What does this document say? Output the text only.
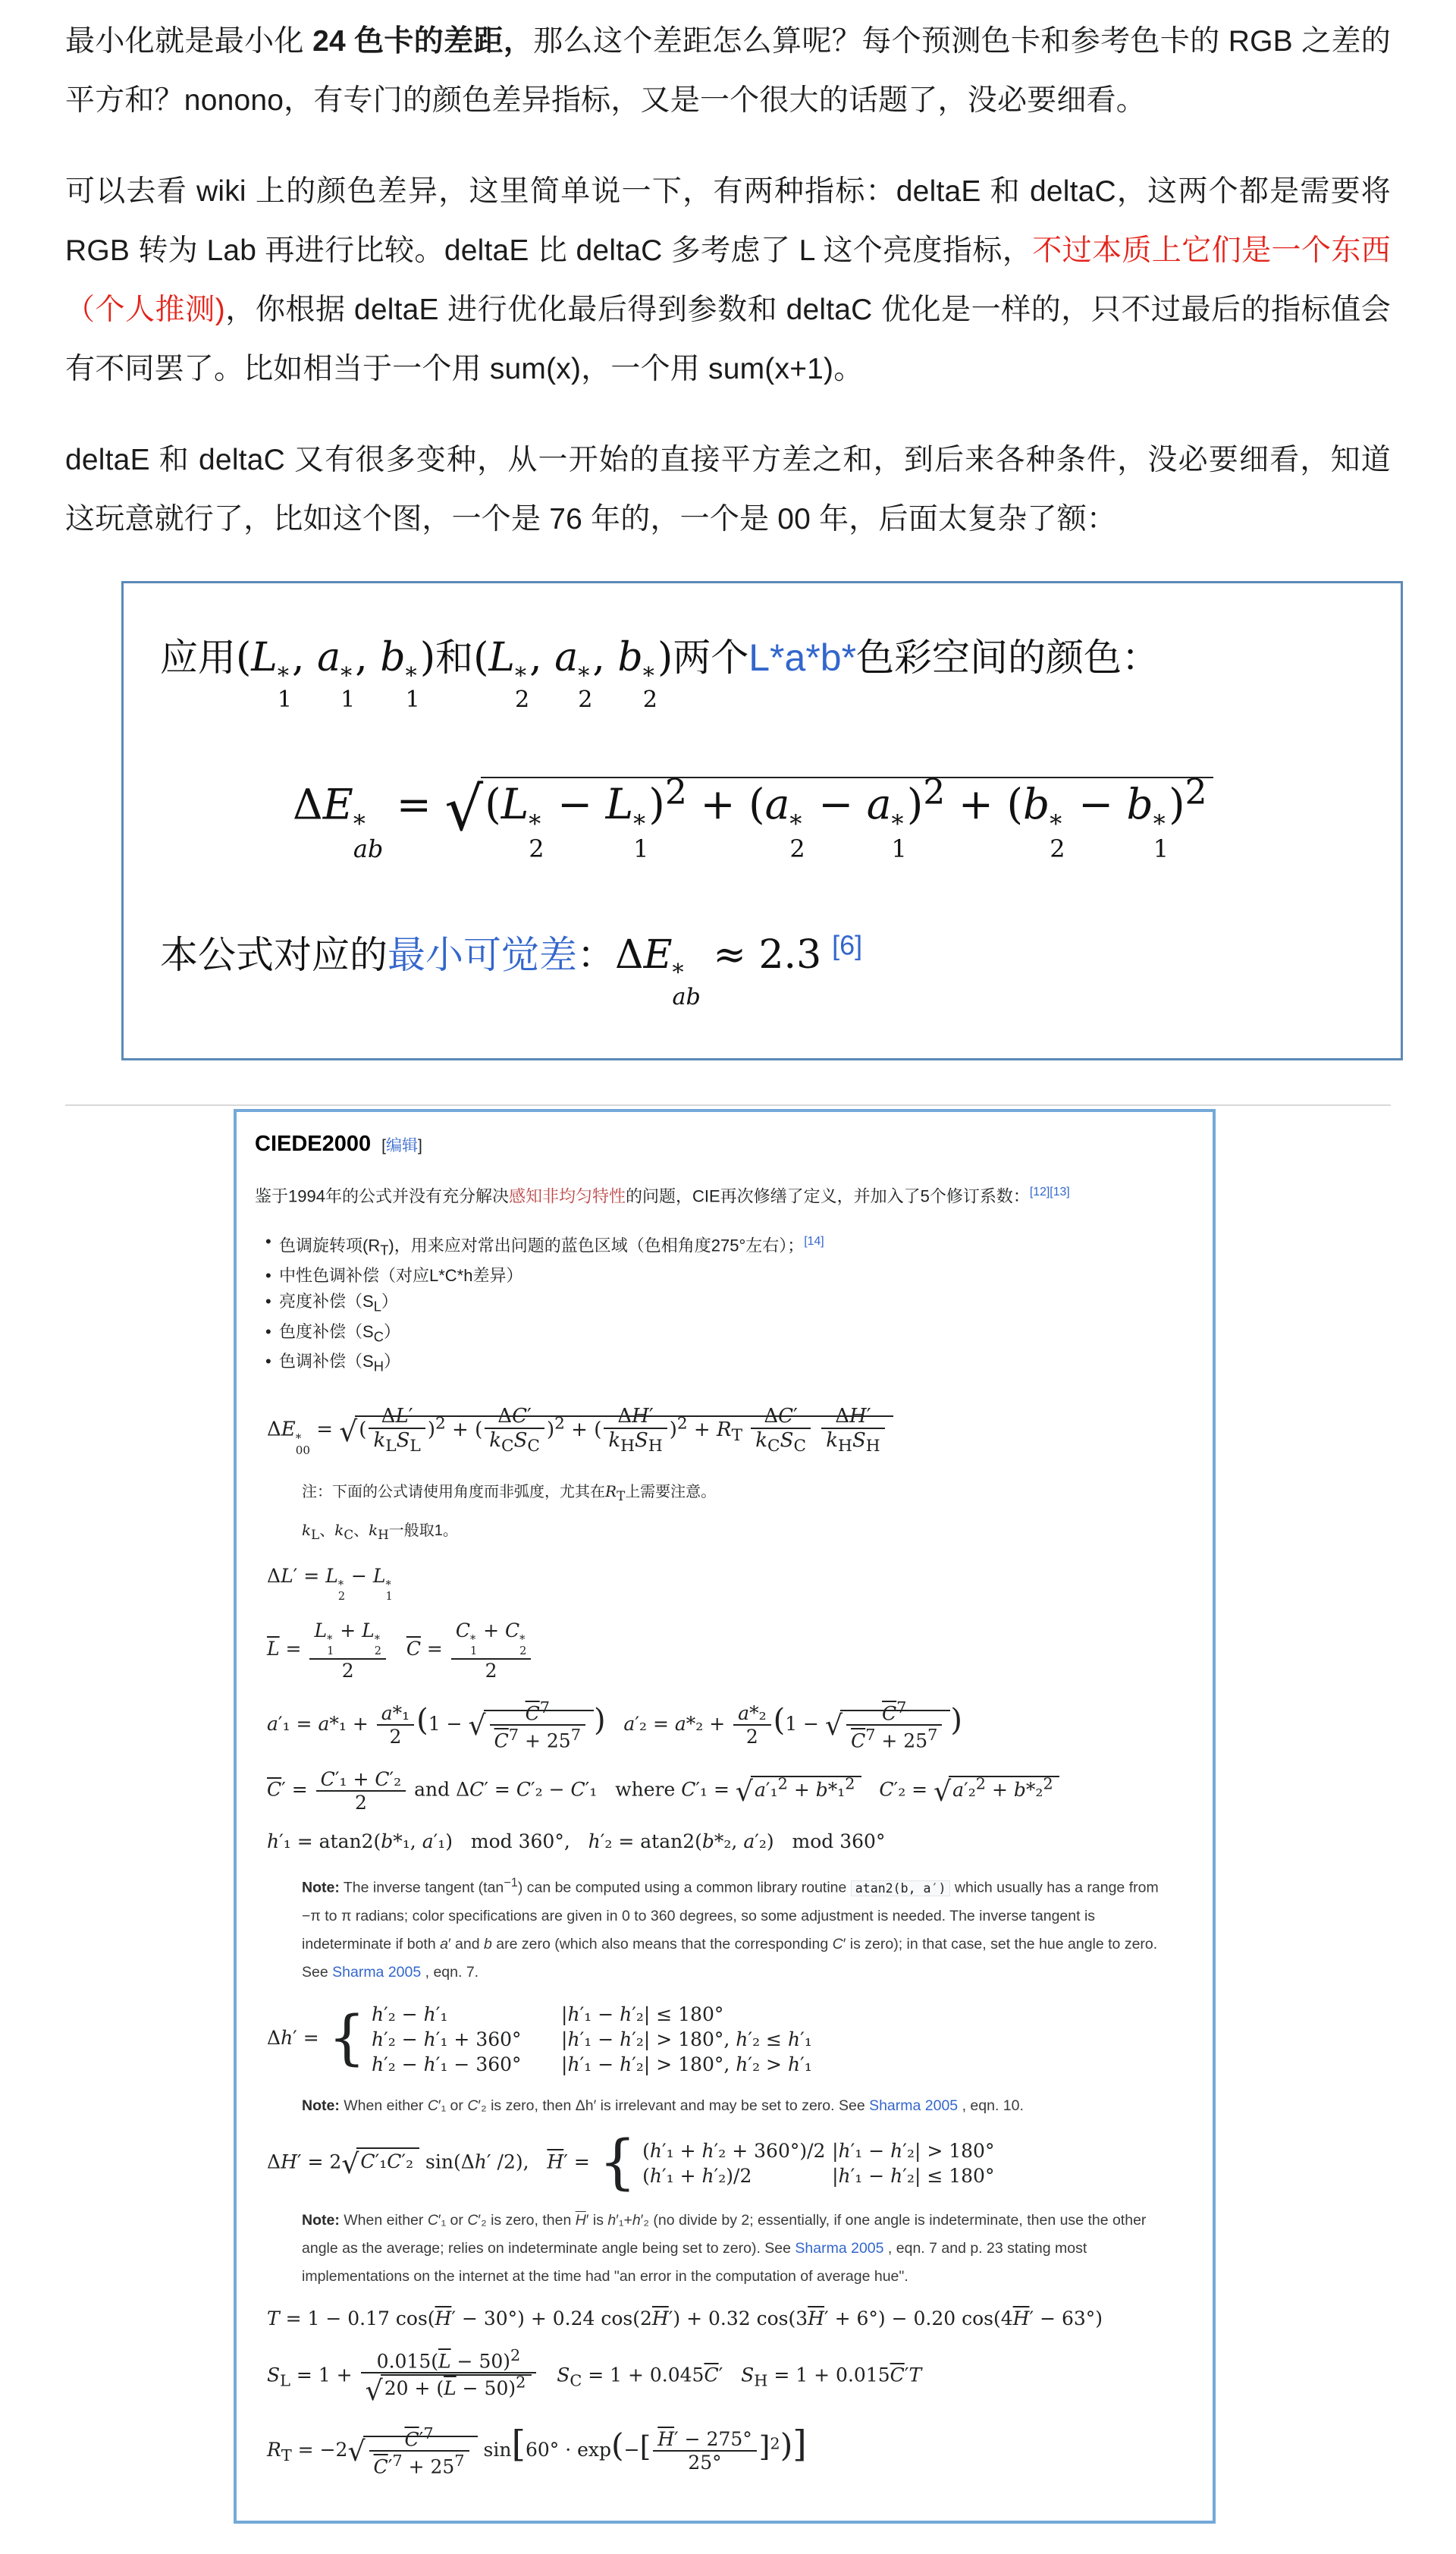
最小化就是最小化 24 色卡的差距，那么这个差距怎么算呢？每个预测色卡和参考色卡的 RGB 之差的平方和？nonono，有专门的颜色差异指标，又是一个很大的话题了，没必要细看。

可以去看 wiki 上的颜色差异，这里简单说一下，有两种指标：deltaE 和 deltaC，这两个都是需要将 RGB 转为 Lab 再进行比较。deltaE 比 deltaC 多考虑了 L 这个亮度指标，不过本质上它们是一个东西（个人推测)，你根据 deltaE 进行优化最后得到参数和 deltaC 优化是一样的，只不过最后的指标值会有不同罢了。比如相当于一个用 sum(x)，一个用 sum(x+1)。

deltaE 和 deltaC 又有很多变种，从一开始的直接平方差之和，到后来各种条件，没必要细看，知道这玩意就行了，比如这个图，一个是 76 年的，一个是 00 年，后面太复杂了额：

应用(L *
1
, a *
1
, b *
1
)和(L *
2
, a *
2
, b *
2
)两个L*a*b*色彩空间的颜色：
ΔE *
ab
= √(L *
2
− L *
1
)$^2$ + (a *
2
− a *
1
)$^2$ + (b *
2
− b *
1
)$^2$
本公式对应的最小可觉差：ΔE *
ab
≈ 2.3 [6]
CIEDE2000 [编辑]
鉴于1994年的公式并没有充分解决感知非均匀特性的问题，CIE再次修缮了定义，并加入了5个修订系数：[12][13]
• 色调旋转项$(R_T)$，用来应对常出问题的蓝色区域（色相角度275°左右）；[14]
• 中性色调补偿（对应L*C*h差异）
• 亮度补偿$(S_L)$
• 色度补偿$(S_C)$
• 色调补偿$(S_H)$
ΔE *
00
= √(
ΔL′
$k_LS_L$
)$^2$ + (
ΔC′
$k_CS_C$
)$^2$ + (
ΔH′
$k_HS_H$
)$^2 + R_T$
ΔC′
$k_CS_C$

ΔH′
$k_HS_H$
注：下面的公式请使用角度而非弧度，尤其在$R_T$上需要注意。
$k_L$、$k_C$、$k_H$一般取1。
ΔL′ = L *
2
− L *
1
$\overline{L} = L$ *
1
+ L *
2
2 $\overline{C} = C$ *
1
+ C *
2
2
$a'_1 = a*_1 + \frac{\text{a*₁}}{2} (1$ − √ $\frac{C^7}{\overline{C}^7 + 25^7}$ ) $a'_2 = a*_2 + \frac{\text{a*₂}}{2} (1$ − √ $\frac{C^7}{\overline{C}^7 + 25^7}$ )
$\overline{C}' = \frac{\text{C′₁ + C′₂}}{2}$ and ΔC′ = C′₂ − C′₁   where C′₁ = √a′₁$^2$ + b*₁$^2$ C′₂ = √a′₂$^2$ + b*₂$^2$
h′₁ = atan2(b*₁, a′₁)   mod 360°,   h′₂ = atan2(b*₂, a′₂)   mod 360°
Note: The inverse tangent $(\tan^{-1})$ can be computed using a common library routine atan2(b, a′) which usually has a range from −π to π radians; color specifications are given in 0 to 360 degrees, so some adjustment is needed. The inverse tangent is indeterminate if both a′ and b are zero (which also means that the corresponding C′ is zero); in that case, set the hue angle to zero. See Sharma 2005 , eqn. 7.
Δh′ = { h′₂ − h′₁	|h′₁ − h′₂| ≤ 180°
h′₂ − h′₁ + 360°	|h′₁ − h′₂| > 180°, h′₂ ≤ h′₁
h′₂ − h′₁ − 360°	|h′₁ − h′₂| > 180°, h′₂ > h′₁
Note: When either C′₁ or C′₂ is zero, then Δh′ is irrelevant and may be set to zero. See Sharma 2005 , eqn. 10.
ΔH′ = 2√C′₁C′₂ sin(Δh′ /2),   $\overline{H}'$ = { (h′₁ + h′₂ + 360°)/2 |h′₁ − h′₂| > 180°
(h′₁ + h′₂)/2	|h′₁ − h′₂| ≤ 180°
Note: When either C′₁ or C′₂ is zero, then $\overline{H}'$ is h′₁+h′₂ (no divide by 2; essentially, if one angle is indeterminate, then use the other angle as the average; relies on indeterminate angle being set to zero). See Sharma 2005 , eqn. 7 and p. 23 stating most implementations on the internet at the time had "an error in the computation of average hue".
T = 1 − 0.17 $\cos(\overline{H}' - 30^\circ) + 0.24$ $\cos(2\overline{H}') + 0.32$ $\cos(3\overline{H}' + 6^\circ) - 0.20$ $\cos(4\overline{H}' - 63^\circ)$
$S_L = 1 + \frac{0.015(\overline{L} - 50)^2}{√20 + (\overline{L} - 50)^2} S_C = 1 + 0.045\overline{C}'$   $S_H = 1 + 0.015\overline{C}'T$
$R_T = -2√ \frac{C'^7}{\overline{C}'^7 + 25^7} \sin[60^\circ \cdot \exp(-[ \frac{\overline{H}' - 275^\circ}{25^\circ} ]^2)]$
